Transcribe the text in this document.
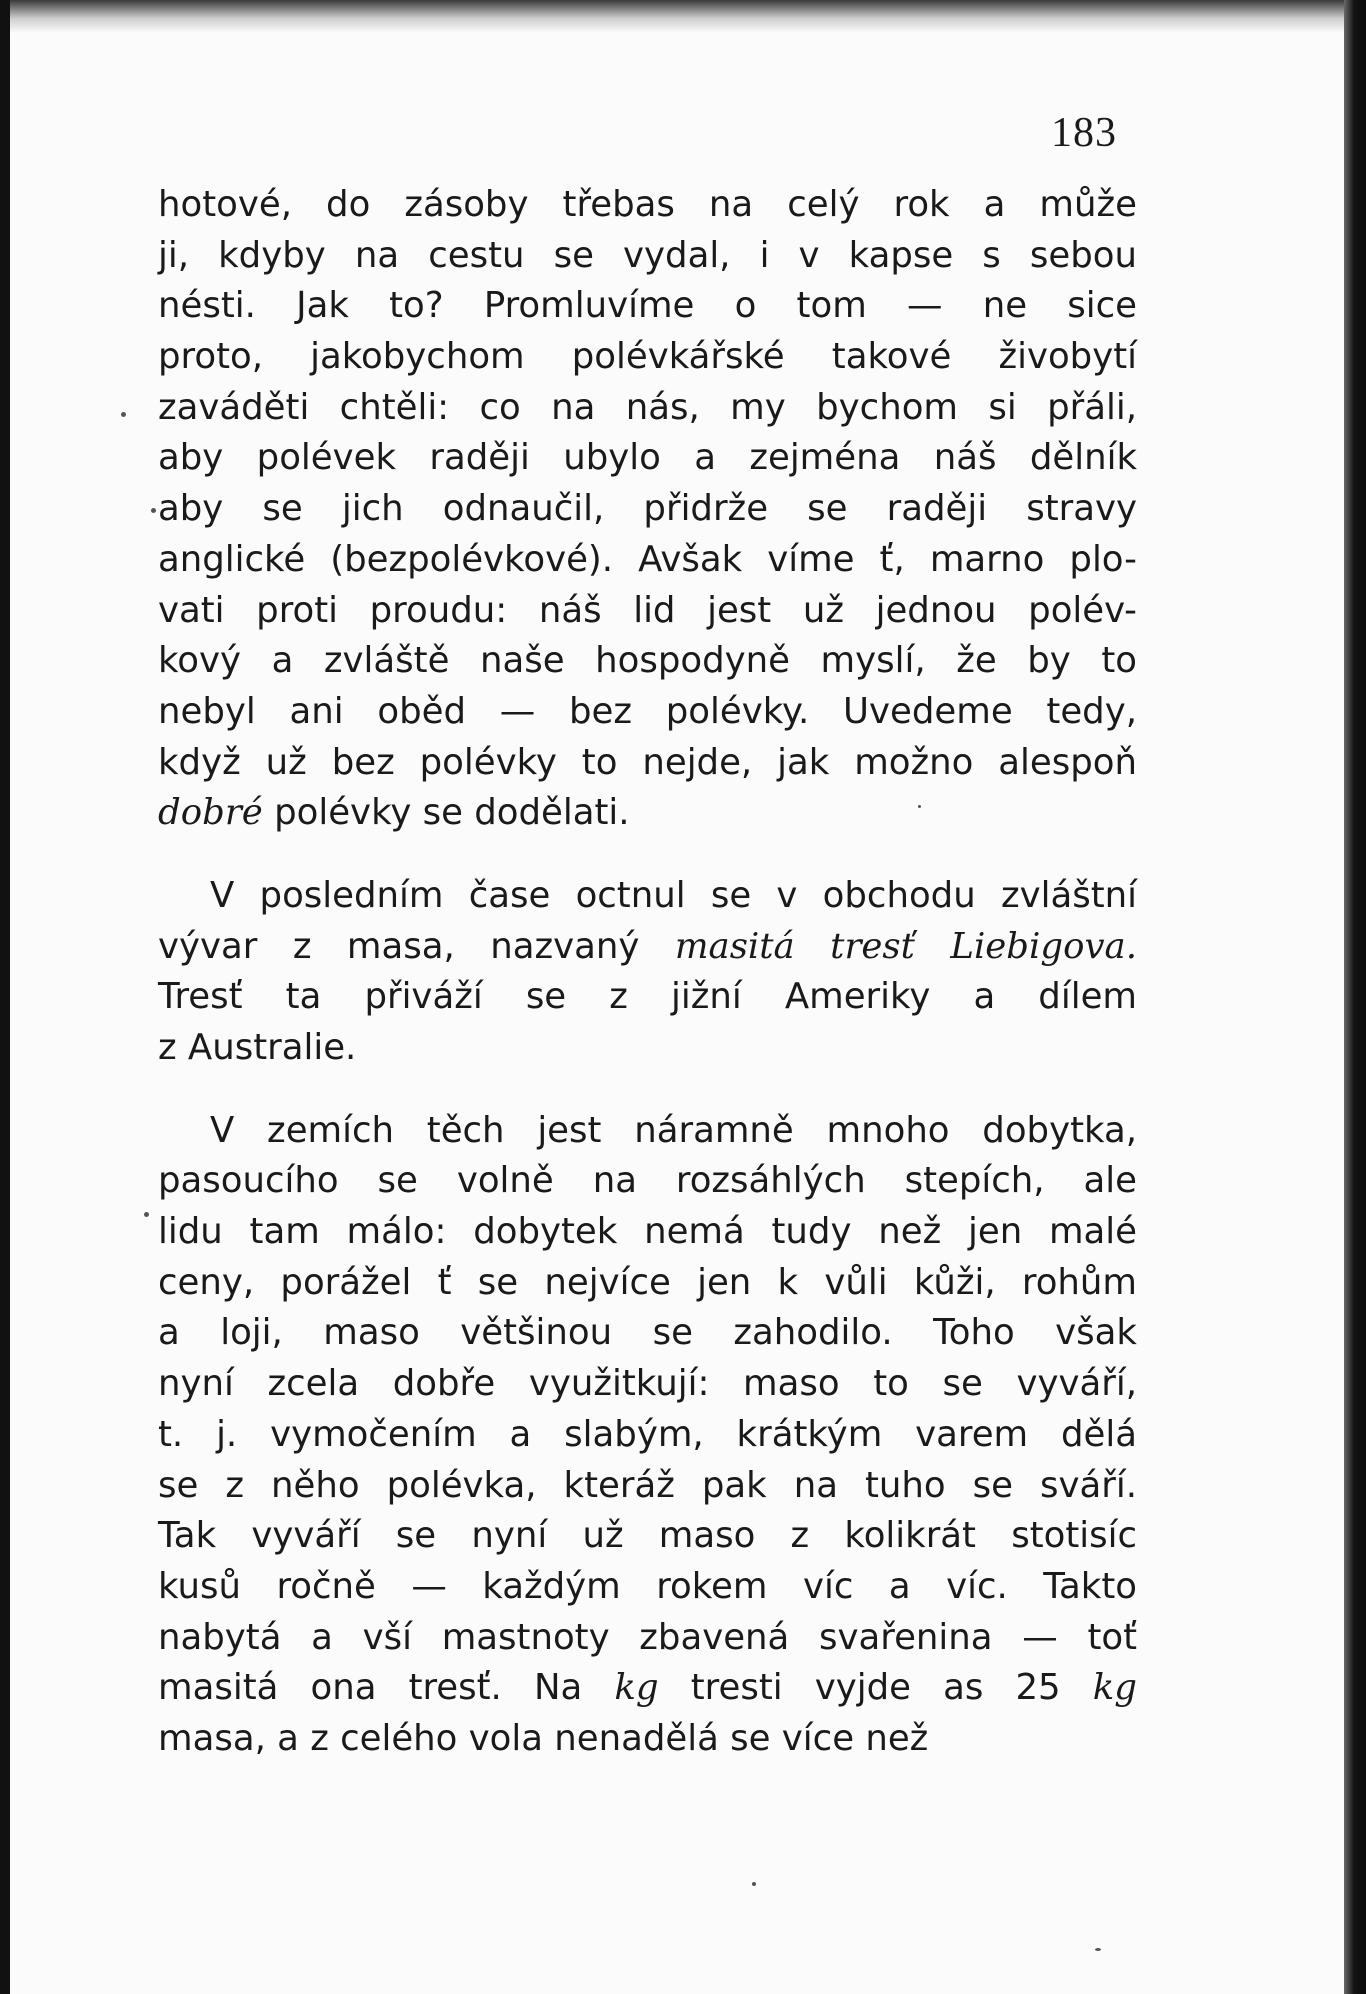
183
hotové, do zásoby třebas na celý rok a může
ji, kdyby na cestu se vydal, i v kapse s sebou
nésti. Jak to? Promluvíme o tom — ne sice
proto, jakobychom polévkářské takové živobytí
zaváděti chtěli: co na nás, my bychom si přáli,
aby polévek raději ubylo a zejména náš dělník
aby se jich odnaučil, přidrže se raději stravy
anglické (bezpolévkové). Avšak víme ť, marno plo-
vati proti proudu: náš lid jest už jednou polév-
kový a zvláště naše hospodyně myslí, že by to
nebyl ani oběd — bez polévky. Uvedeme tedy,
když už bez polévky to nejde, jak možno alespoň
dobré polévky se dodělati.
V posledním čase octnul se v obchodu zvláštní
vývar z masa, nazvaný masitá tresť Liebigova.
Tresť ta přiváží se z jižní Ameriky a dílem
z Australie.
V zemích těch jest náramně mnoho dobytka,
pasoucího se volně na rozsáhlých stepích, ale
lidu tam málo: dobytek nemá tudy než jen malé
ceny, porážel ť se nejvíce jen k vůli kůži, rohům
a loji, maso většinou se zahodilo. Toho však
nyní zcela dobře využitkují: maso to se vyváří,
t. j. vymočením a slabým, krátkým varem dělá
se z něho polévka, kteráž pak na tuho se sváří.
Tak vyváří se nyní už maso z kolikrát stotisíc
kusů ročně — každým rokem víc a víc. Takto
nabytá a vší mastnoty zbavená svařenina — toť
masitá ona tresť. Na kg tresti vyjde as 25 kg
masa, a z celého vola nenadělá se více než
